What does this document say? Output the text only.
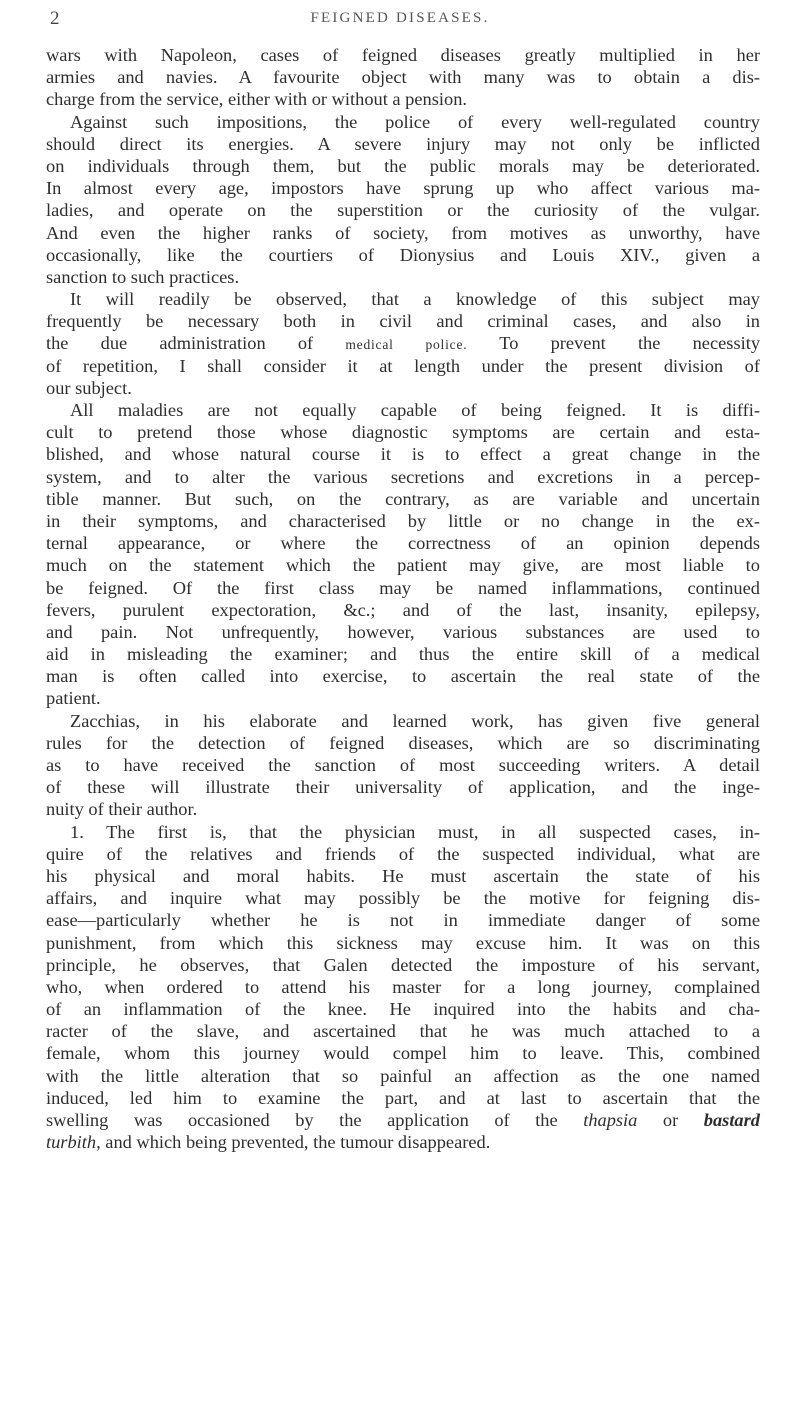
2	FEIGNED DISEASES.
wars with Napoleon, cases of feigned diseases greatly multiplied in her
armies and navies. A favourite object with many was to obtain a dis-
charge from the service, either with or without a pension.
Against such impositions, the police of every well-regulated country
should direct its energies. A severe injury may not only be inflicted
on individuals through them, but the public morals may be deteriorated.
In almost every age, impostors have sprung up who affect various ma-
ladies, and operate on the superstition or the curiosity of the vulgar.
And even the higher ranks of society, from motives as unworthy, have
occasionally, like the courtiers of Dionysius and Louis XIV., given a
sanction to such practices.
It will readily be observed, that a knowledge of this subject may
frequently be necessary both in civil and criminal cases, and also in
the due administration of medical police. To prevent the necessity
of repetition, I shall consider it at length under the present division of
our subject.
All maladies are not equally capable of being feigned. It is diffi-
cult to pretend those whose diagnostic symptoms are certain and esta-
blished, and whose natural course it is to effect a great change in the
system, and to alter the various secretions and excretions in a percep-
tible manner. But such, on the contrary, as are variable and uncertain
in their symptoms, and characterised by little or no change in the ex-
ternal appearance, or where the correctness of an opinion depends
much on the statement which the patient may give, are most liable to
be feigned. Of the first class may be named inflammations, continued
fevers, purulent expectoration, &c.; and of the last, insanity, epilepsy,
and pain. Not unfrequently, however, various substances are used to
aid in misleading the examiner; and thus the entire skill of a medical
man is often called into exercise, to ascertain the real state of the
patient.
Zacchias, in his elaborate and learned work, has given five general
rules for the detection of feigned diseases, which are so discriminating
as to have received the sanction of most succeeding writers. A detail
of these will illustrate their universality of application, and the inge-
nuity of their author.
1. The first is, that the physician must, in all suspected cases, in-
quire of the relatives and friends of the suspected individual, what are
his physical and moral habits. He must ascertain the state of his
affairs, and inquire what may possibly be the motive for feigning dis-
ease—particularly whether he is not in immediate danger of some
punishment, from which this sickness may excuse him. It was on this
principle, he observes, that Galen detected the imposture of his servant,
who, when ordered to attend his master for a long journey, complained
of an inflammation of the knee. He inquired into the habits and cha-
racter of the slave, and ascertained that he was much attached to a
female, whom this journey would compel him to leave. This, combined
with the little alteration that so painful an affection as the one named
induced, led him to examine the part, and at last to ascertain that the
swelling was occasioned by the application of the thapsia or bastard
turbith, and which being prevented, the tumour disappeared.
